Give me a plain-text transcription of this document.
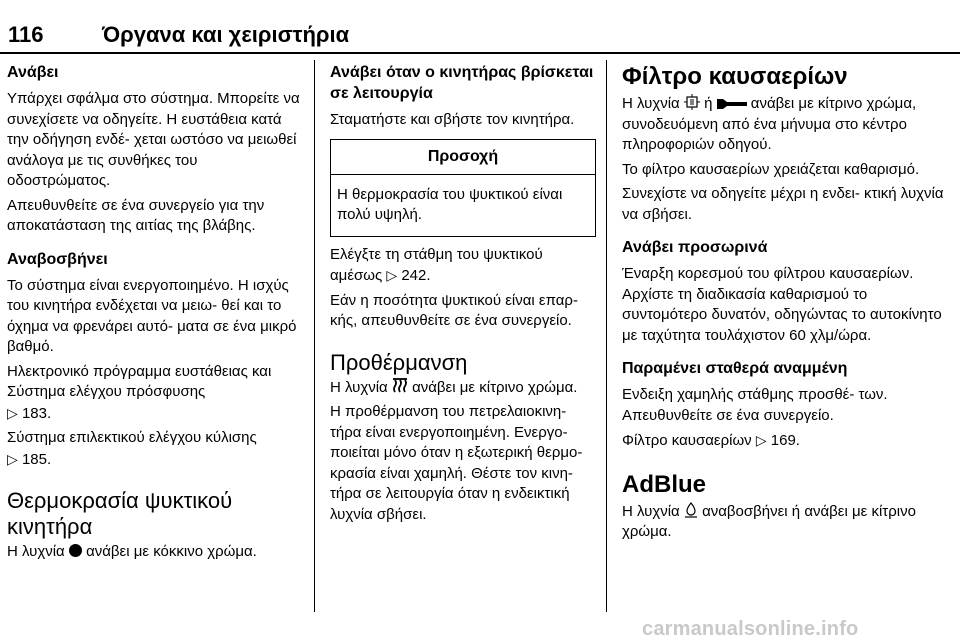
116	Όργανα και χειριστήρια
Ανάβει
Υπάρχει σφάλμα στο σύστημα. Μπορείτε να συνεχίσετε να οδηγείτε. Η ευστάθεια κατά την οδήγηση ενδέ- χεται ωστόσο να μειωθεί ανάλογα με τις συνθήκες του οδοστρώματος.
Απευθυνθείτε σε ένα συνεργείο για την αποκατάσταση της αιτίας της βλάβης.
Αναβοσβήνει
Το σύστημα είναι ενεργοποιημένο. Η ισχύς του κινητήρα ενδέχεται να μειω- θεί και το όχημα να φρενάρει αυτό- ματα σε ένα μικρό βαθμό.
Ηλεκτρονικό πρόγραμμα ευστάθειας και Σύστημα ελέγχου πρόσφυσης
▷ 183.
Σύστημα επιλεκτικού ελέγχου κύλισης
▷ 185.
Θερμοκρασία ψυκτικού κινητήρα
Η λυχνία ανάβει με κόκκινο χρώμα.
Ανάβει όταν ο κινητήρας βρίσκεται σε λειτουργία
Σταματήστε και σβήστε τον κινητήρα.
Προσοχή
Η θερμοκρασία του ψυκτικού είναι πολύ υψηλή.
Ελέγξτε τη στάθμη του ψυκτικού αμέσως ▷ 242.
Εάν η ποσότητα ψυκτικού είναι επαρ- κής, απευθυνθείτε σε ένα συνεργείο.
Προθέρμανση
Η λυχνία ανάβει με κίτρινο χρώμα.
Η προθέρμανση του πετρελαιοκινη- τήρα είναι ενεργοποιημένη. Ενεργο- ποιείται μόνο όταν η εξωτερική θερμο- κρασία είναι χαμηλή. Θέστε τον κινη- τήρα σε λειτουργία όταν η ενδεικτική λυχνία σβήσει.
Φίλτρο καυσαερίων
Η λυχνία ή	ανάβει με κίτρινο χρώμα, συνοδευόμενη από ένα μήνυμα στο κέντρο πληροφοριών οδηγού.
Το φίλτρο καυσαερίων χρειάζεται καθαρισμό.
Συνεχίστε να οδηγείτε μέχρι η ενδει- κτική λυχνία να σβήσει.
Ανάβει προσωρινά
Έναρξη κορεσμού του φίλτρου καυσαερίων. Αρχίστε τη διαδικασία καθαρισμού το συντομότερο δυνατόν, οδηγώντας το αυτοκίνητο με ταχύτητα τουλάχιστον 60 χλμ/ώρα.
Παραμένει σταθερά αναμμένη
Ενδειξη χαμηλής στάθμης προσθέ- των. Απευθυνθείτε σε ένα συνεργείο.
Φίλτρο καυσαερίων ▷ 169.
AdBlue
Η λυχνία αναβοσβήνει ή ανάβει με κίτρινο χρώμα.
carmanualsonline.info
